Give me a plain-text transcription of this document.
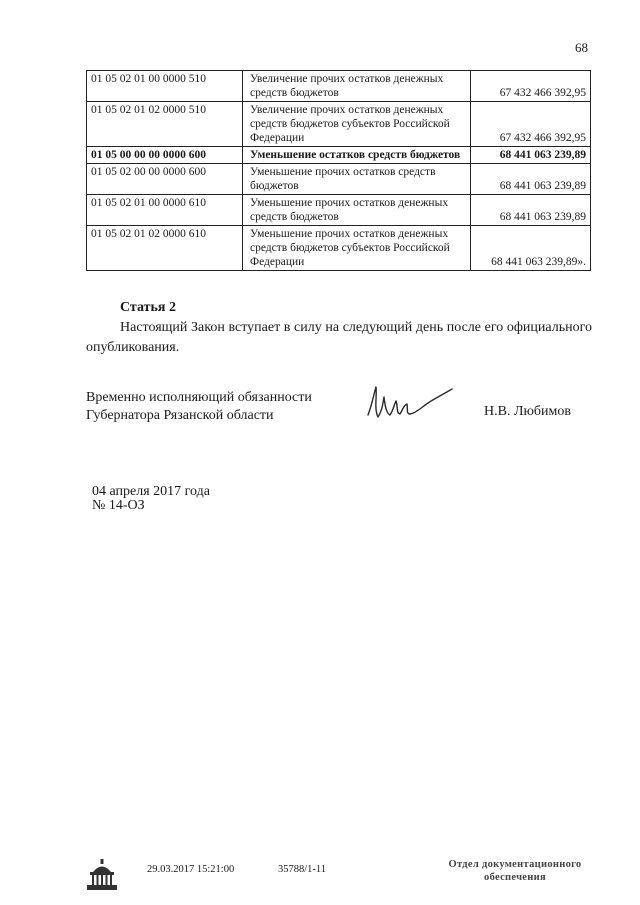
68
01 05 02 01 00 0000 510	Увеличение прочих остатков денежных средств бюджетов	67 432 466 392,95
01 05 02 01 02 0000 510	Увеличение прочих остатков денежных средств бюджетов субъектов Российской Федерации	67 432 466 392,95
01 05 00 00 00 0000 600	Уменьшение остатков средств бюджетов	68 441 063 239,89
01 05 02 00 00 0000 600	Уменьшение прочих остатков средств бюджетов	68 441 063 239,89
01 05 02 01 00 0000 610	Уменьшение прочих остатков денежных средств бюджетов	68 441 063 239,89
01 05 02 01 02 0000 610	Уменьшение прочих остатков денежных средств бюджетов субъектов Российской Федерации	68 441 063 239,89».
Статья 2
Настоящий Закон вступает в силу на следующий день после его официального опубликования.
Временно исполняющий обязанности
Губернатора Рязанской области	Н.В. Любимов
04 апреля 2017 года
№ 14-ОЗ
29.03.2017 15:21:00	35788/1-11	Отдел документационного
обеспечения
